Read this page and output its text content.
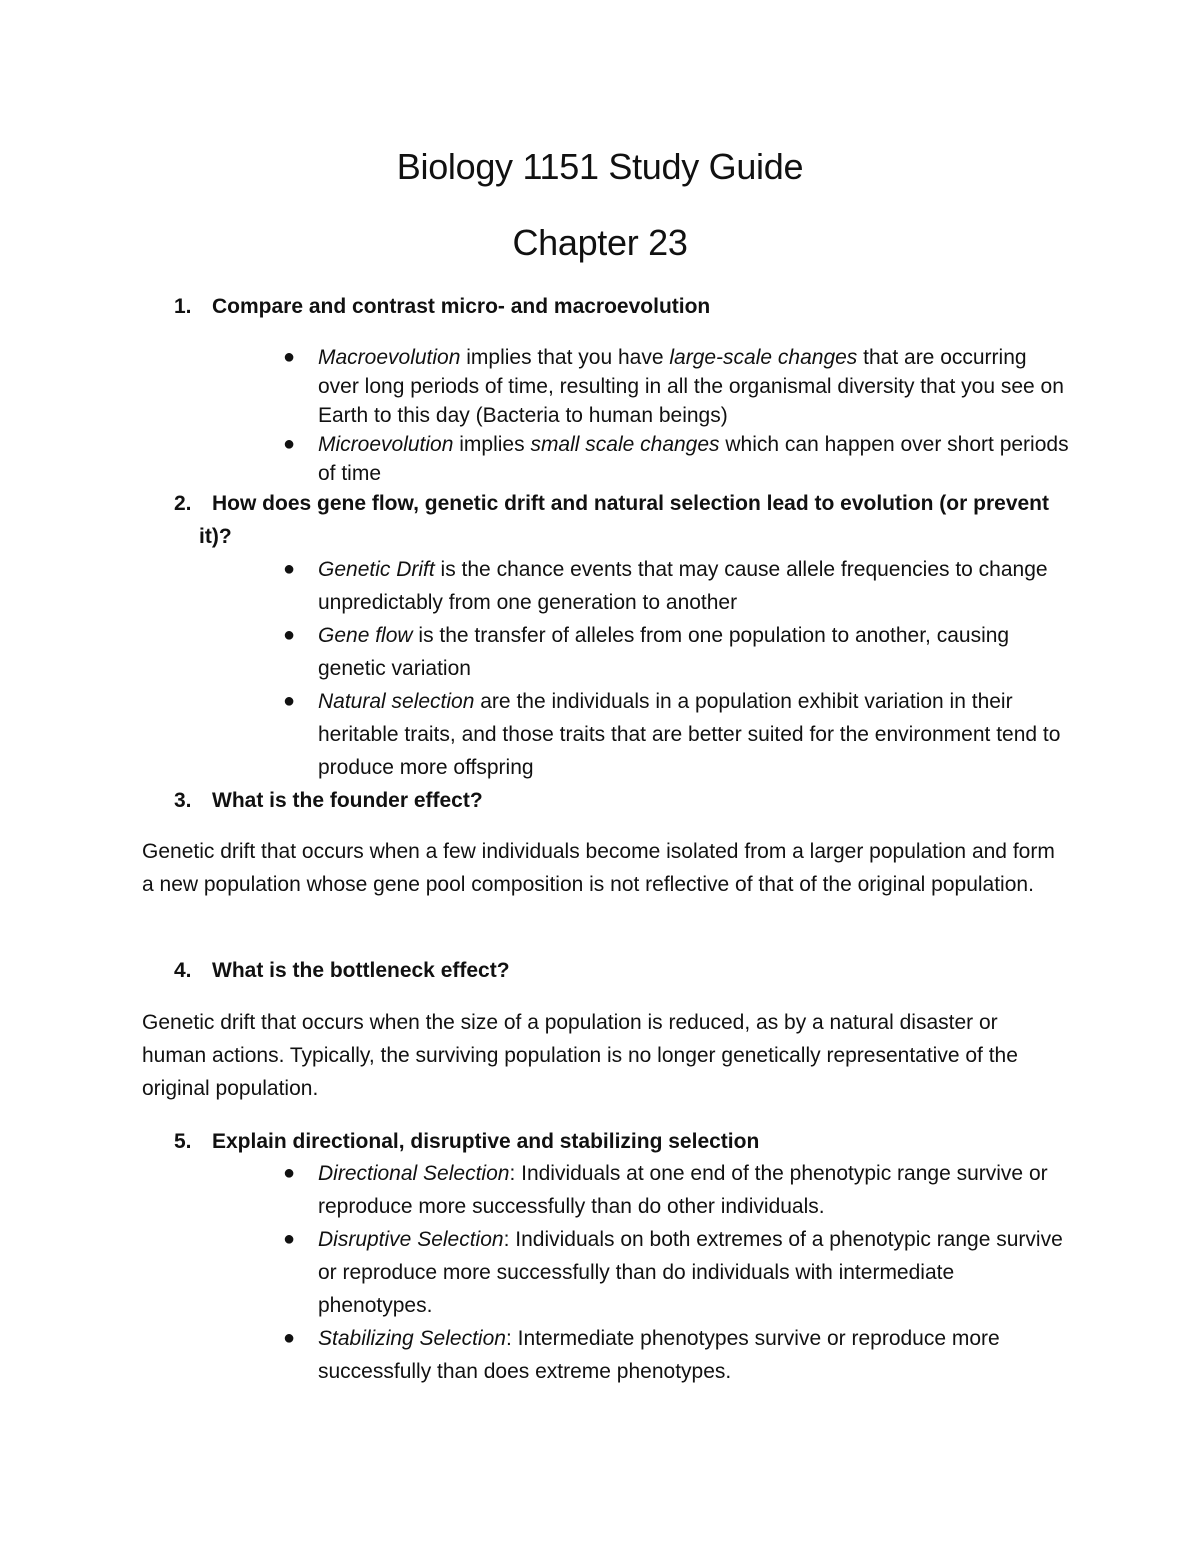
Biology 1151 Study Guide
Chapter 23
1. Compare and contrast micro- and macroevolution
● Macroevolution implies that you have large-scale changes that are occurring over long periods of time, resulting in all the organismal diversity that you see on Earth to this day (Bacteria to human beings)
● Microevolution implies small scale changes which can happen over short periods of time
2. How does gene flow, genetic drift and natural selection lead to evolution (or prevent
it)?
● Genetic Drift is the chance events that may cause allele frequencies to change unpredictably from one generation to another
● Gene flow is the transfer of alleles from one population to another, causing genetic variation
● Natural selection are the individuals in a population exhibit variation in their heritable traits, and those traits that are better suited for the environment tend to produce more offspring
3. What is the founder effect?
Genetic drift that occurs when a few individuals become isolated from a larger population and form a new population whose gene pool composition is not reflective of that of the original population.
4. What is the bottleneck effect?
Genetic drift that occurs when the size of a population is reduced, as by a natural disaster or human actions. Typically, the surviving population is no longer genetically representative of the original population.
5. Explain directional, disruptive and stabilizing selection
● Directional Selection: Individuals at one end of the phenotypic range survive or reproduce more successfully than do other individuals.
● Disruptive Selection: Individuals on both extremes of a phenotypic range survive or reproduce more successfully than do individuals with intermediate phenotypes.
● Stabilizing Selection: Intermediate phenotypes survive or reproduce more successfully than does extreme phenotypes.
